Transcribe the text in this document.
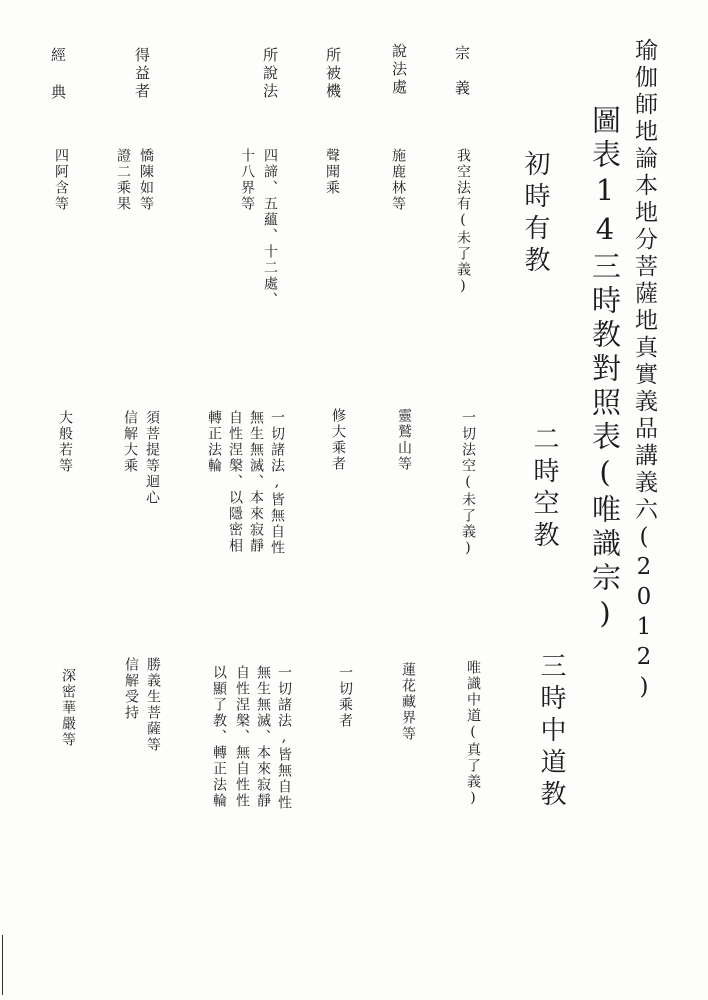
瑜伽師地論本地分菩薩地真實義品講義六(2012)
圖表14三時教對照表(唯識宗)
初時有教
二時空教
三時中道教
宗義
說法處
所被機
所說法
得益者
經典
我空法有(未了義)
施鹿林等
聲聞乘
四諦、五蘊、十二處、
十八界等
憍陳如等
證二乘果
四阿含等
一切法空(未了義)
靈鷲山等
修大乘者
一切諸法,皆無自性
無生無滅、本來寂靜
自性涅槃、以隱密相
轉正法輪
須菩提等迴心
信解大乘
大般若等
唯識中道(真了義)
蓮花藏界等
一切乘者
一切諸法,皆無自性
無生無滅、本來寂靜
自性涅槃、無自性性
以顯了教、轉正法輪
勝義生菩薩等
信解受持
深密華嚴等
